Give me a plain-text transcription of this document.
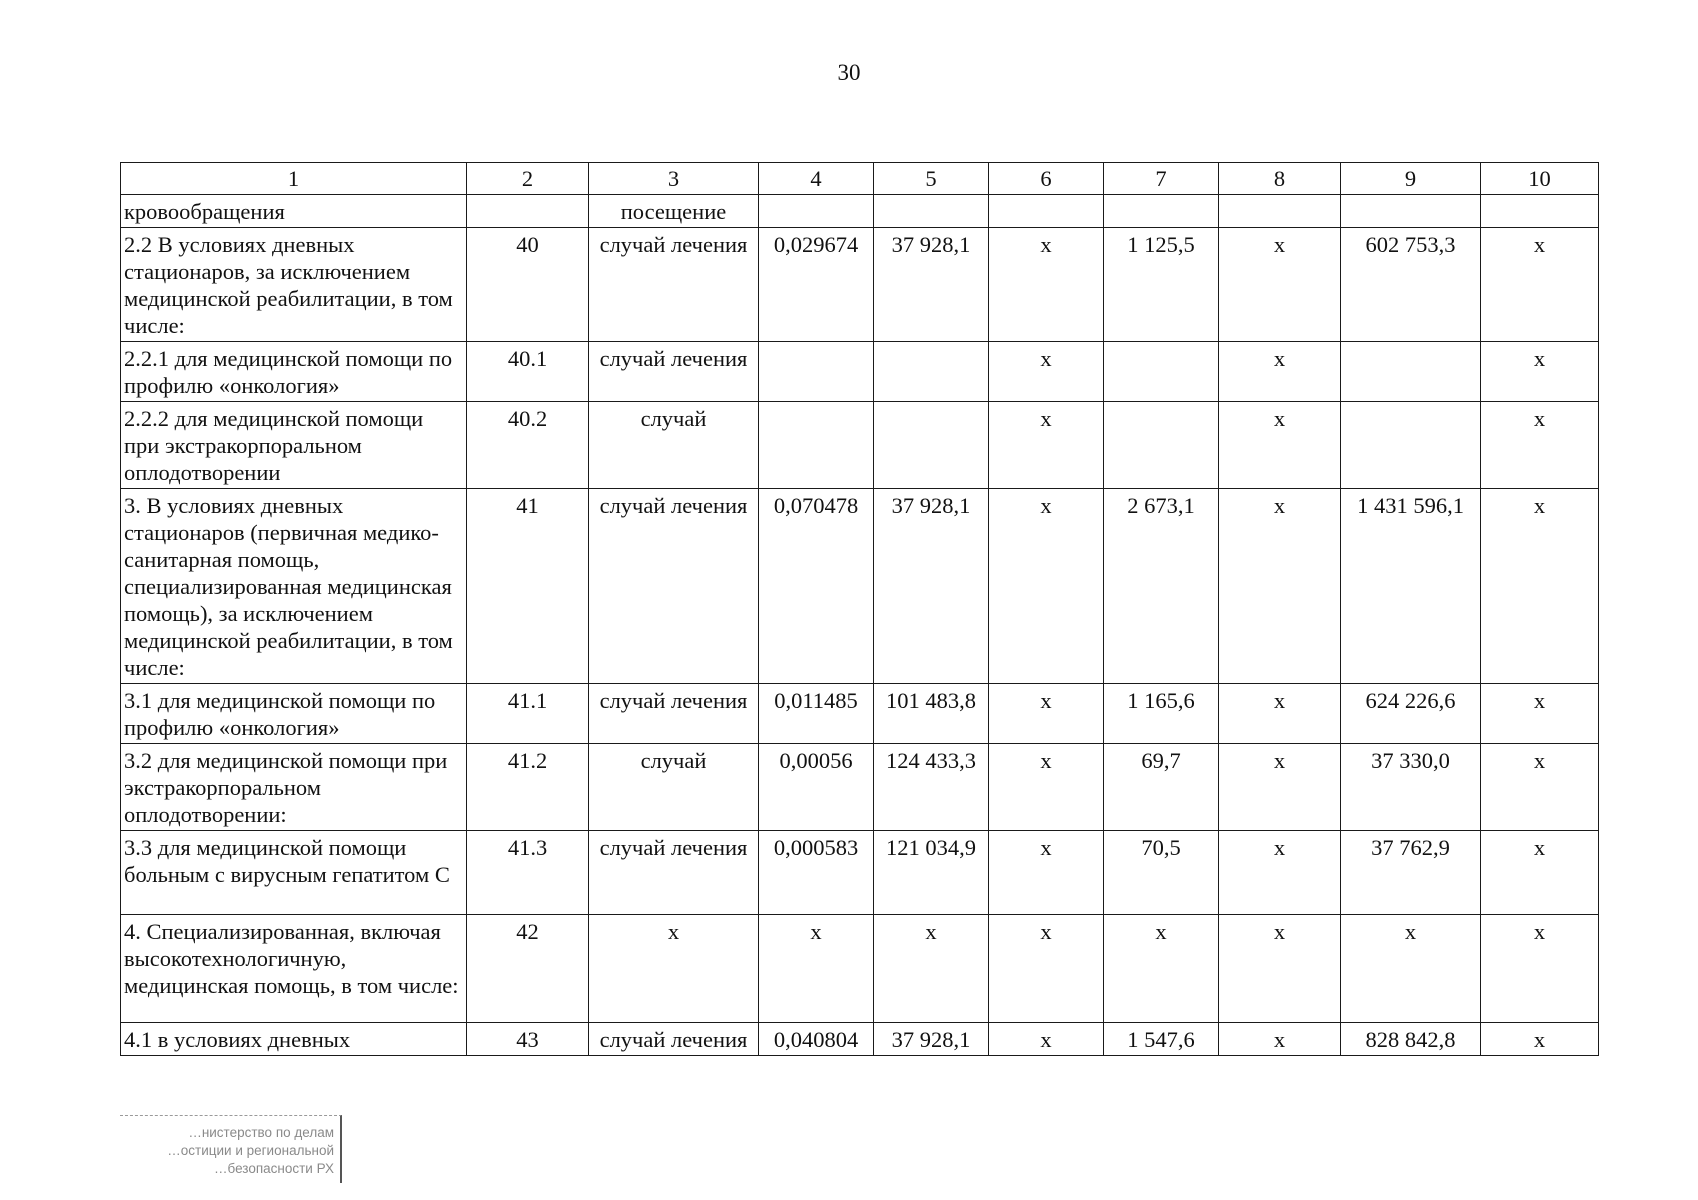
30
1	2	3	4	5	6	7	8	9	10
кровообращения		посещение							
2.2 В условиях дневных стационаров, за исключением медицинской реабилитации, в том числе:	40	случай лечения	0,029674	37 928,1	х	1 125,5	х	602 753,3	х
2.2.1 для медицинской помощи по профилю «онкология»	40.1	случай лечения			х		х		х
2.2.2 для медицинской помощи при экстракорпоральном оплодотворении	40.2	случай			х		х		х
3. В условиях дневных стационаров (первичная медико-санитарная помощь, специализированная медицинская помощь), за исключением медицинской реабилитации, в том числе:	41	случай лечения	0,070478	37 928,1	х	2 673,1	х	1 431 596,1	х
3.1 для медицинской помощи по профилю «онкология»	41.1	случай лечения	0,011485	101 483,8	х	1 165,6	х	624 226,6	х
3.2 для медицинской помощи при экстракорпоральном оплодотворении:	41.2	случай	0,00056	124 433,3	х	69,7	х	37 330,0	х
3.3 для медицинской помощи больным с вирусным гепатитом С	41.3	случай лечения	0,000583	121 034,9	х	70,5	х	37 762,9	х
4. Специализированная, включая высокотехнологичную, медицинская помощь, в том числе:	42	х	х	х	х	х	х	х	х
4.1 в условиях дневных	43	случай лечения	0,040804	37 928,1	х	1 547,6	х	828 842,8	х
…нистерство по делам
…остиции и региональной
…безопасности РХ
